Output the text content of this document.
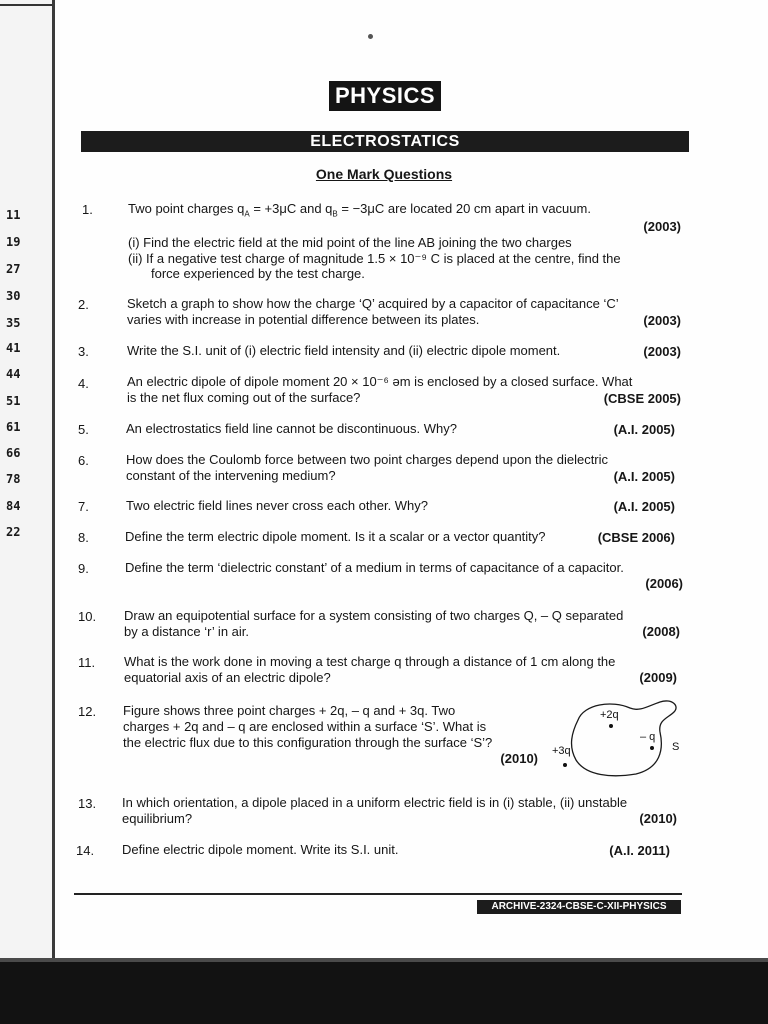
11
19
27
30
35
41
44
51
61
66
78
84
22
PHYSICS
ELECTROSTATICS
One Mark Questions
1.	Two point charges $q_A = +3\mu C$ and $q_B = -3\mu C$ are located 20 cm apart in vacuum.
(2003)
(i) Find the electric field at the mid point of the line AB joining the two charges
(ii) If a negative test charge of magnitude 1.5 × 10⁻⁹ C is placed at the centre, find the
force experienced by the test charge.
2.	Sketch a graph to show how the charge ‘Q’ acquired by a capacitor of capacitance ‘C’
varies with increase in potential difference between its plates.	(2003)
3.	Write the S.I. unit of (i) electric field intensity and (ii) electric dipole moment.	(2003)
4.	An electric dipole of dipole moment 20 × 10⁻⁶ əm is enclosed by a closed surface. What
is the net flux coming out of the surface?	(CBSE 2005)
5.	An electrostatics field line cannot be discontinuous. Why?	(A.I. 2005)
6.	How does the Coulomb force between two point charges depend upon the dielectric
constant of the intervening medium?	(A.I. 2005)
7.	Two electric field lines never cross each other. Why?	(A.I. 2005)
8.	Define the term electric dipole moment. Is it a scalar or a vector quantity?	(CBSE 2006)
9.	Define the term ‘dielectric constant’ of a medium in terms of capacitance of a capacitor.
(2006)
10. Draw an equipotential surface for a system consisting of two charges Q, – Q separated
by a distance ‘r’ in air.	(2008)
11. What is the work done in moving a test charge q through a distance of 1 cm along the
equatorial axis of an electric dipole?	(2009)
12. Figure shows three point charges + 2q, – q and + 3q. Two
charges + 2q and – q are enclosed within a surface ‘S’. What is
the electric flux due to this configuration through the surface ‘S’?
(2010)
+2q
– q
+3q	S
13. In which orientation, a dipole placed in a uniform electric field is in (i) stable, (ii) unstable
equilibrium?	(2010)
14. Define electric dipole moment. Write its S.I. unit.	(A.I. 2011)
ARCHIVE-2324-CBSE-C-XII-PHYSICS
